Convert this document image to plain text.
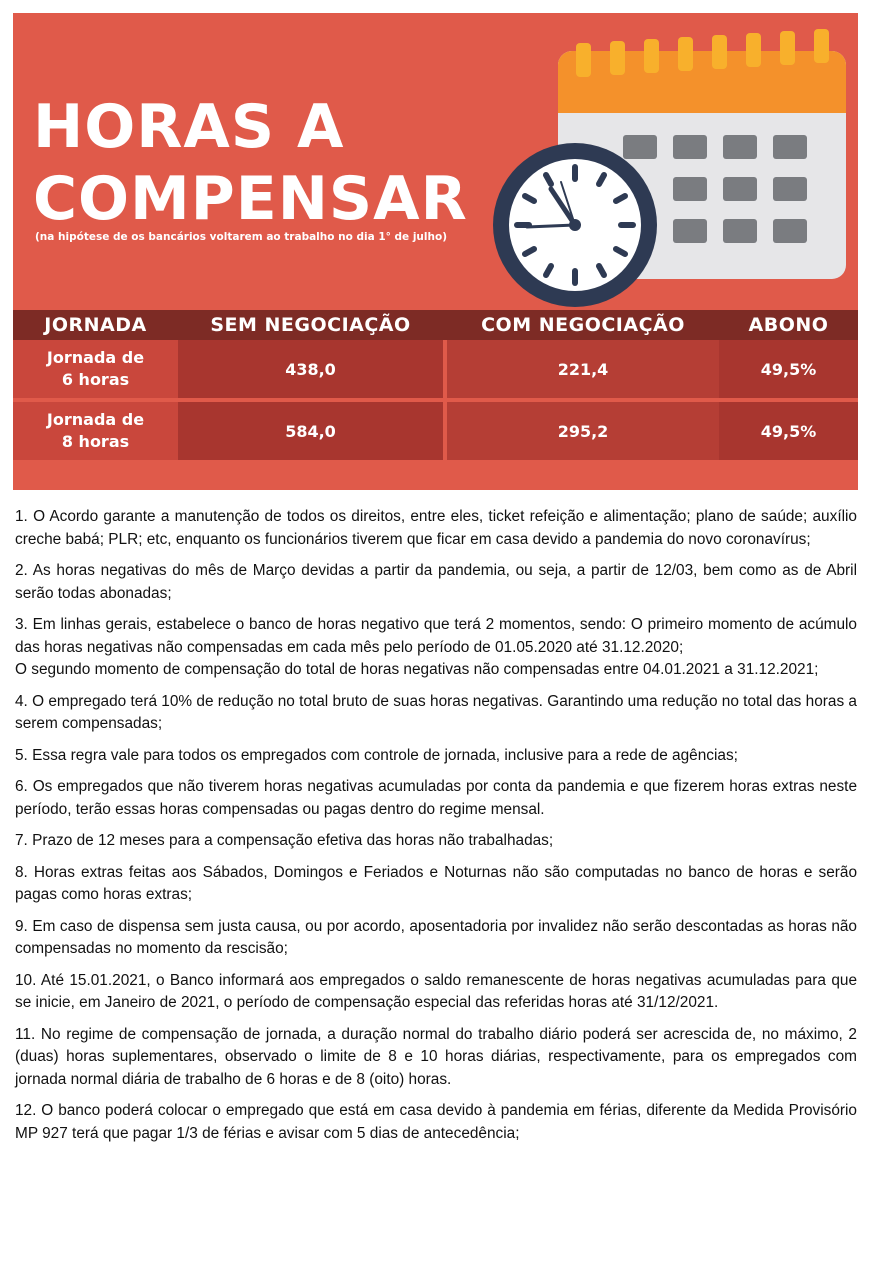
HORAS A
COMPENSAR
(na hipótese de os bancários voltarem ao trabalho no dia 1° de julho)
JORNADA	SEM NEGOCIAÇÃO		COM NEGOCIAÇÃO	ABONO
Jornada de
6 horas	438,0		221,4	49,5%
Jornada de
8 horas	584,0		295,2	49,5%

1. O Acordo garante a manutenção de todos os direitos, entre eles, ticket refeição e alimentação; plano de saúde; auxílio creche babá; PLR; etc, enquanto os funcionários tiverem que ficar em casa devido a pandemia do novo coronavírus;

2. As horas negativas do mês de Março devidas a partir da pandemia, ou seja, a partir de 12/03, bem como as de Abril serão todas abonadas;

3. Em linhas gerais, estabelece o banco de horas negativo que terá 2 momentos, sendo: O primeiro momento de acúmulo das horas negativas não compensadas em cada mês pelo período de 01.05.2020 até 31.12.2020;

O segundo momento de compensação do total de horas negativas não compensadas entre 04.01.2021 a 31.12.2021;

4. O empregado terá 10% de redução no total bruto de suas horas negativas. Garantindo uma redução no total das horas a serem compensadas;

5. Essa regra vale para todos os empregados com controle de jornada, inclusive para a rede de agências;

6. Os empregados que não tiverem horas negativas acumuladas por conta da pandemia e que fizerem horas extras neste período, terão essas horas compensadas ou pagas dentro do regime mensal.

7. Prazo de 12 meses para a compensação efetiva das horas não trabalhadas;

8. Horas extras feitas aos Sábados, Domingos e Feriados e Noturnas não são computadas no banco de horas e serão pagas como horas extras;

9. Em caso de dispensa sem justa causa, ou por acordo, aposentadoria por invalidez não serão descontadas as horas não compensadas no momento da rescisão;

10. Até 15.01.2021, o Banco informará aos empregados o saldo remanescente de horas negativas acumuladas para que se inicie, em Janeiro de 2021, o período de compensação especial das referidas horas até 31/12/2021.

11. No regime de compensação de jornada, a duração normal do trabalho diário poderá ser acrescida de, no máximo, 2 (duas) horas suplementares, observado o limite de 8 e 10 horas diárias, respectivamente, para os empregados com jornada normal diária de trabalho de 6 horas e de 8 (oito) horas.

12. O banco poderá colocar o empregado que está em casa devido à pandemia em férias, diferente da Medida Provisório MP 927 terá que pagar 1/3 de férias e avisar com 5 dias de antecedência;
